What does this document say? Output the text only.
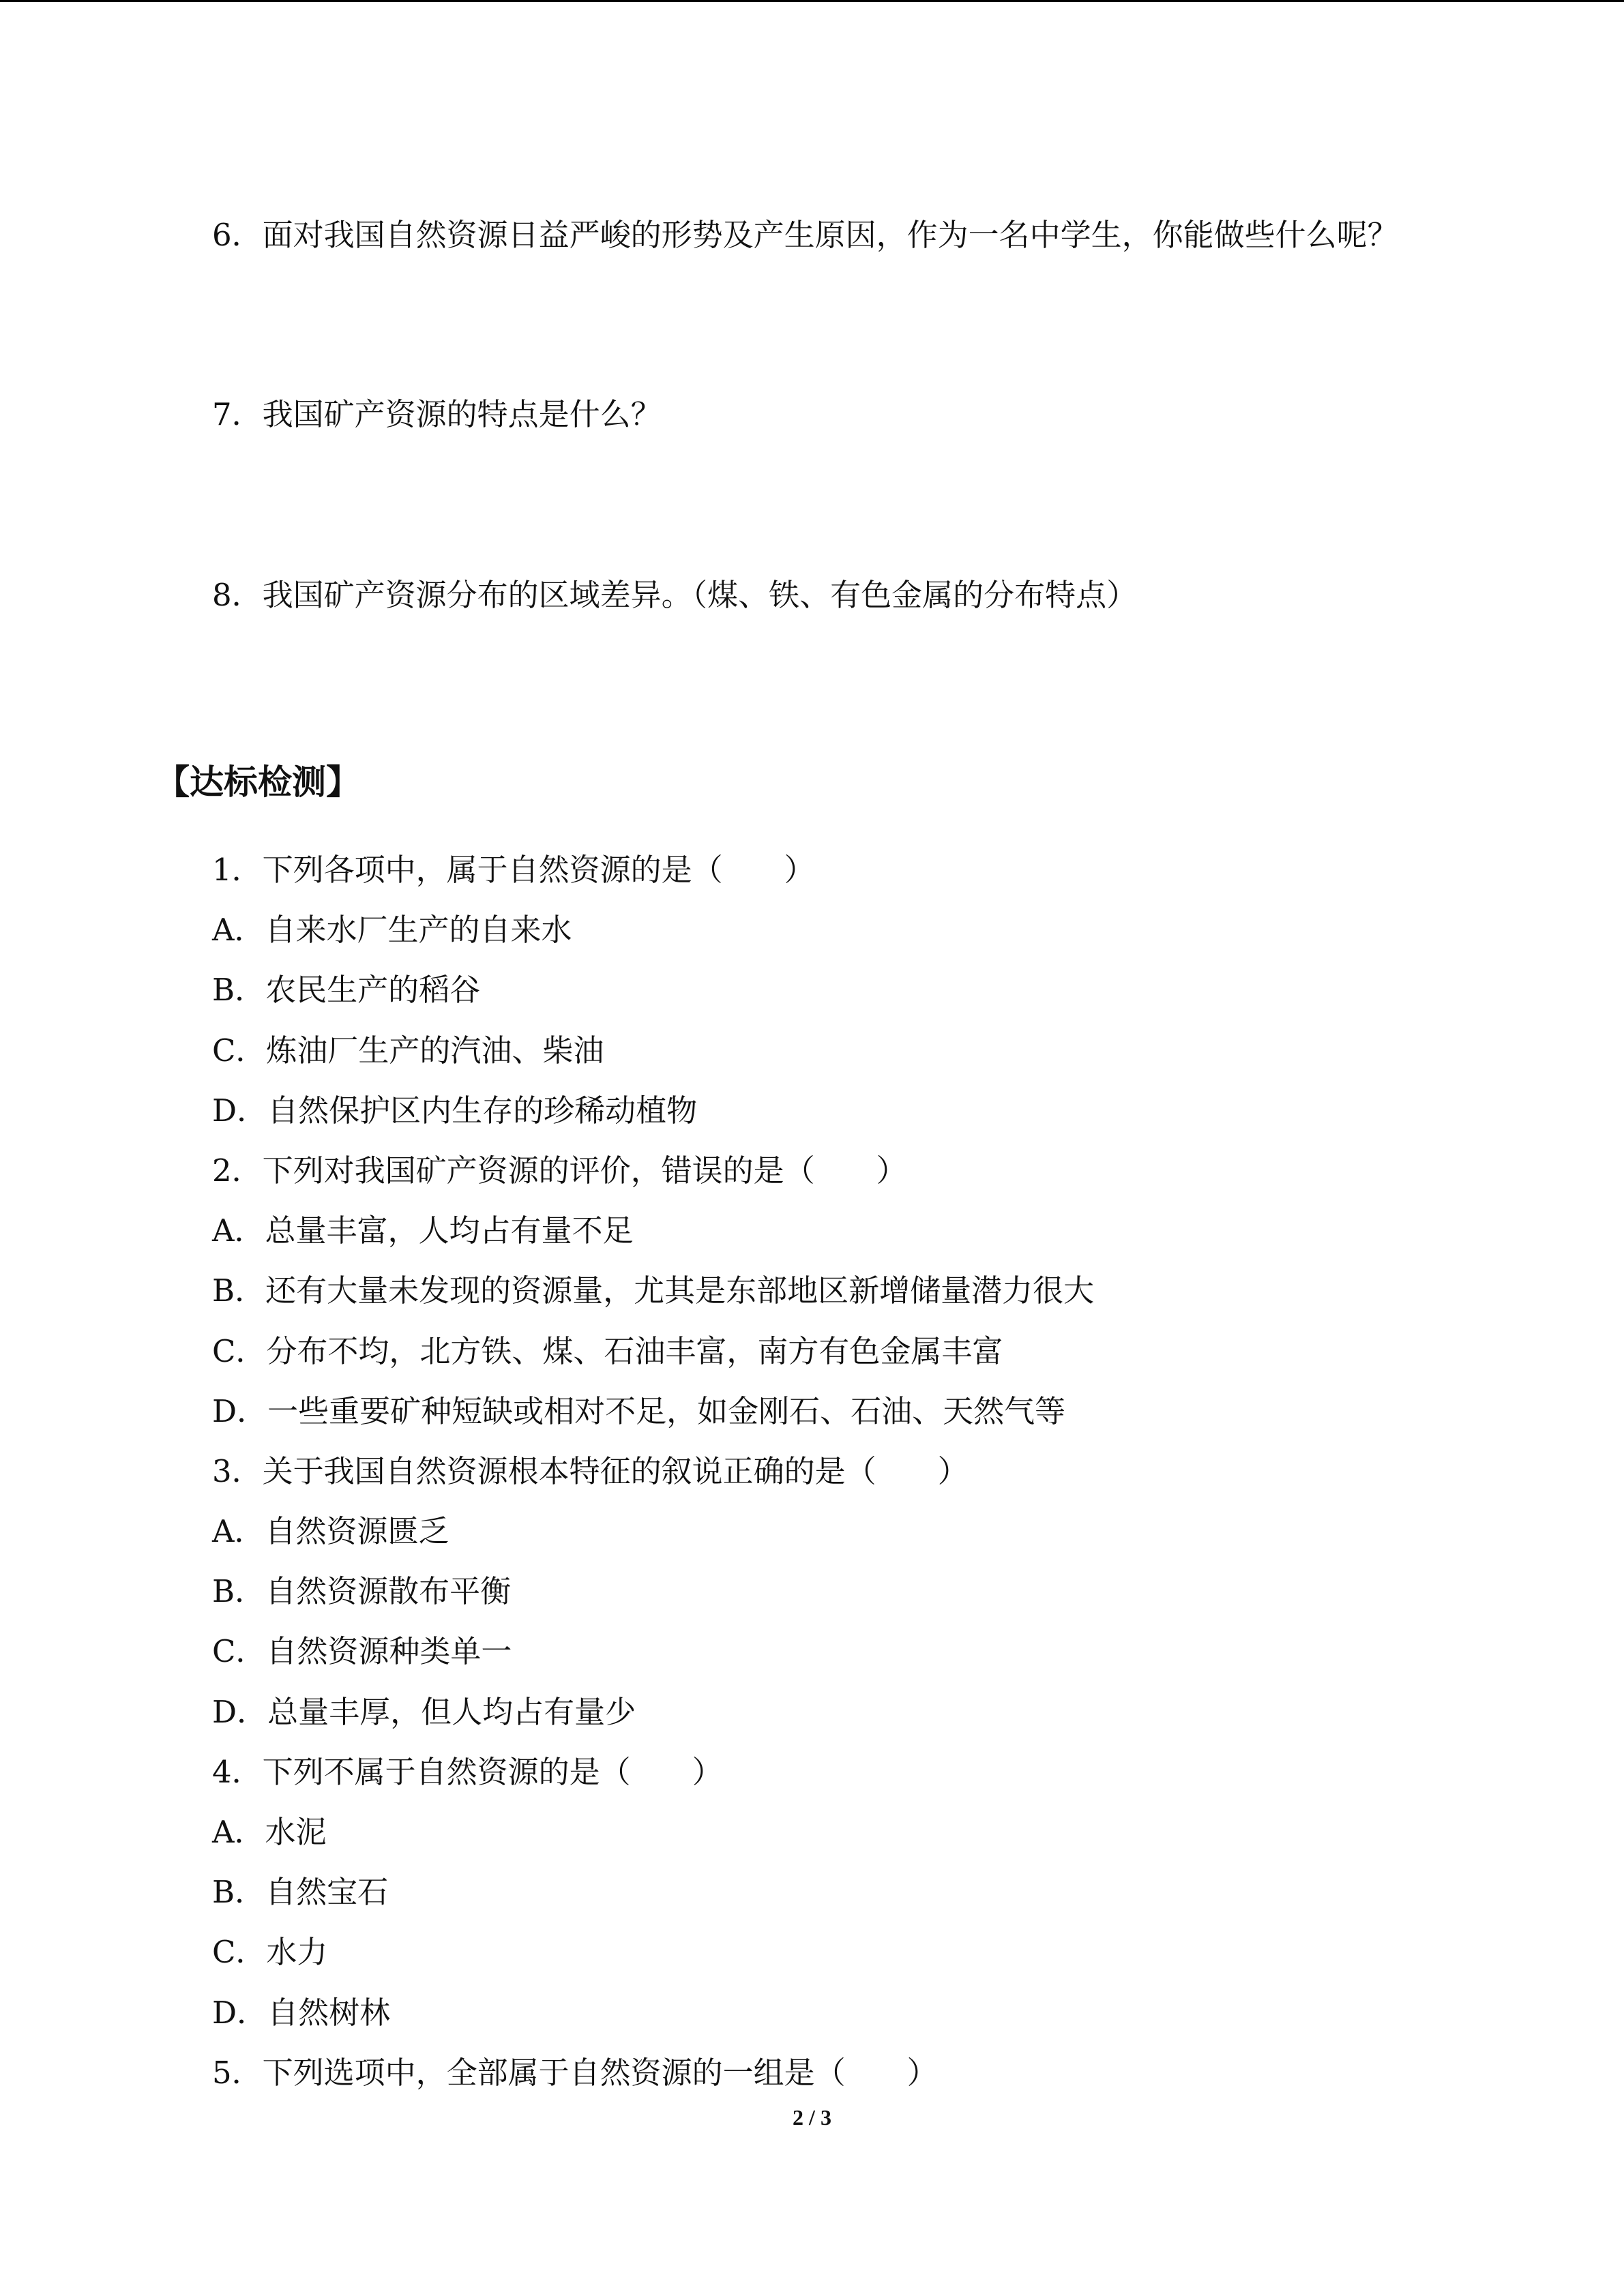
6．面对我国自然资源日益严峻的形势及产生原因，作为一名中学生，你能做些什么呢？
7．我国矿产资源的特点是什么？
8．我国矿产资源分布的区域差异。（煤、铁、有色金属的分布特点）
【达标检测】
1．下列各项中，属于自然资源的是（　　）
A．自来水厂生产的自来水
B．农民生产的稻谷
C．炼油厂生产的汽油、柴油
D．自然保护区内生存的珍稀动植物
2．下列对我国矿产资源的评价，错误的是（　　）
A．总量丰富，人均占有量不足
B．还有大量未发现的资源量，尤其是东部地区新增储量潜力很大
C．分布不均，北方铁、煤、石油丰富，南方有色金属丰富
D．一些重要矿种短缺或相对不足，如金刚石、石油、天然气等
3．关于我国自然资源根本特征的叙说正确的是（　　）
A．自然资源匮乏
B．自然资源散布平衡
C．自然资源种类单一
D．总量丰厚，但人均占有量少
4．下列不属于自然资源的是（　　）
A．水泥
B．自然宝石
C．水力
D．自然树林
5．下列选项中，全部属于自然资源的一组是（　　）
2 / 3
